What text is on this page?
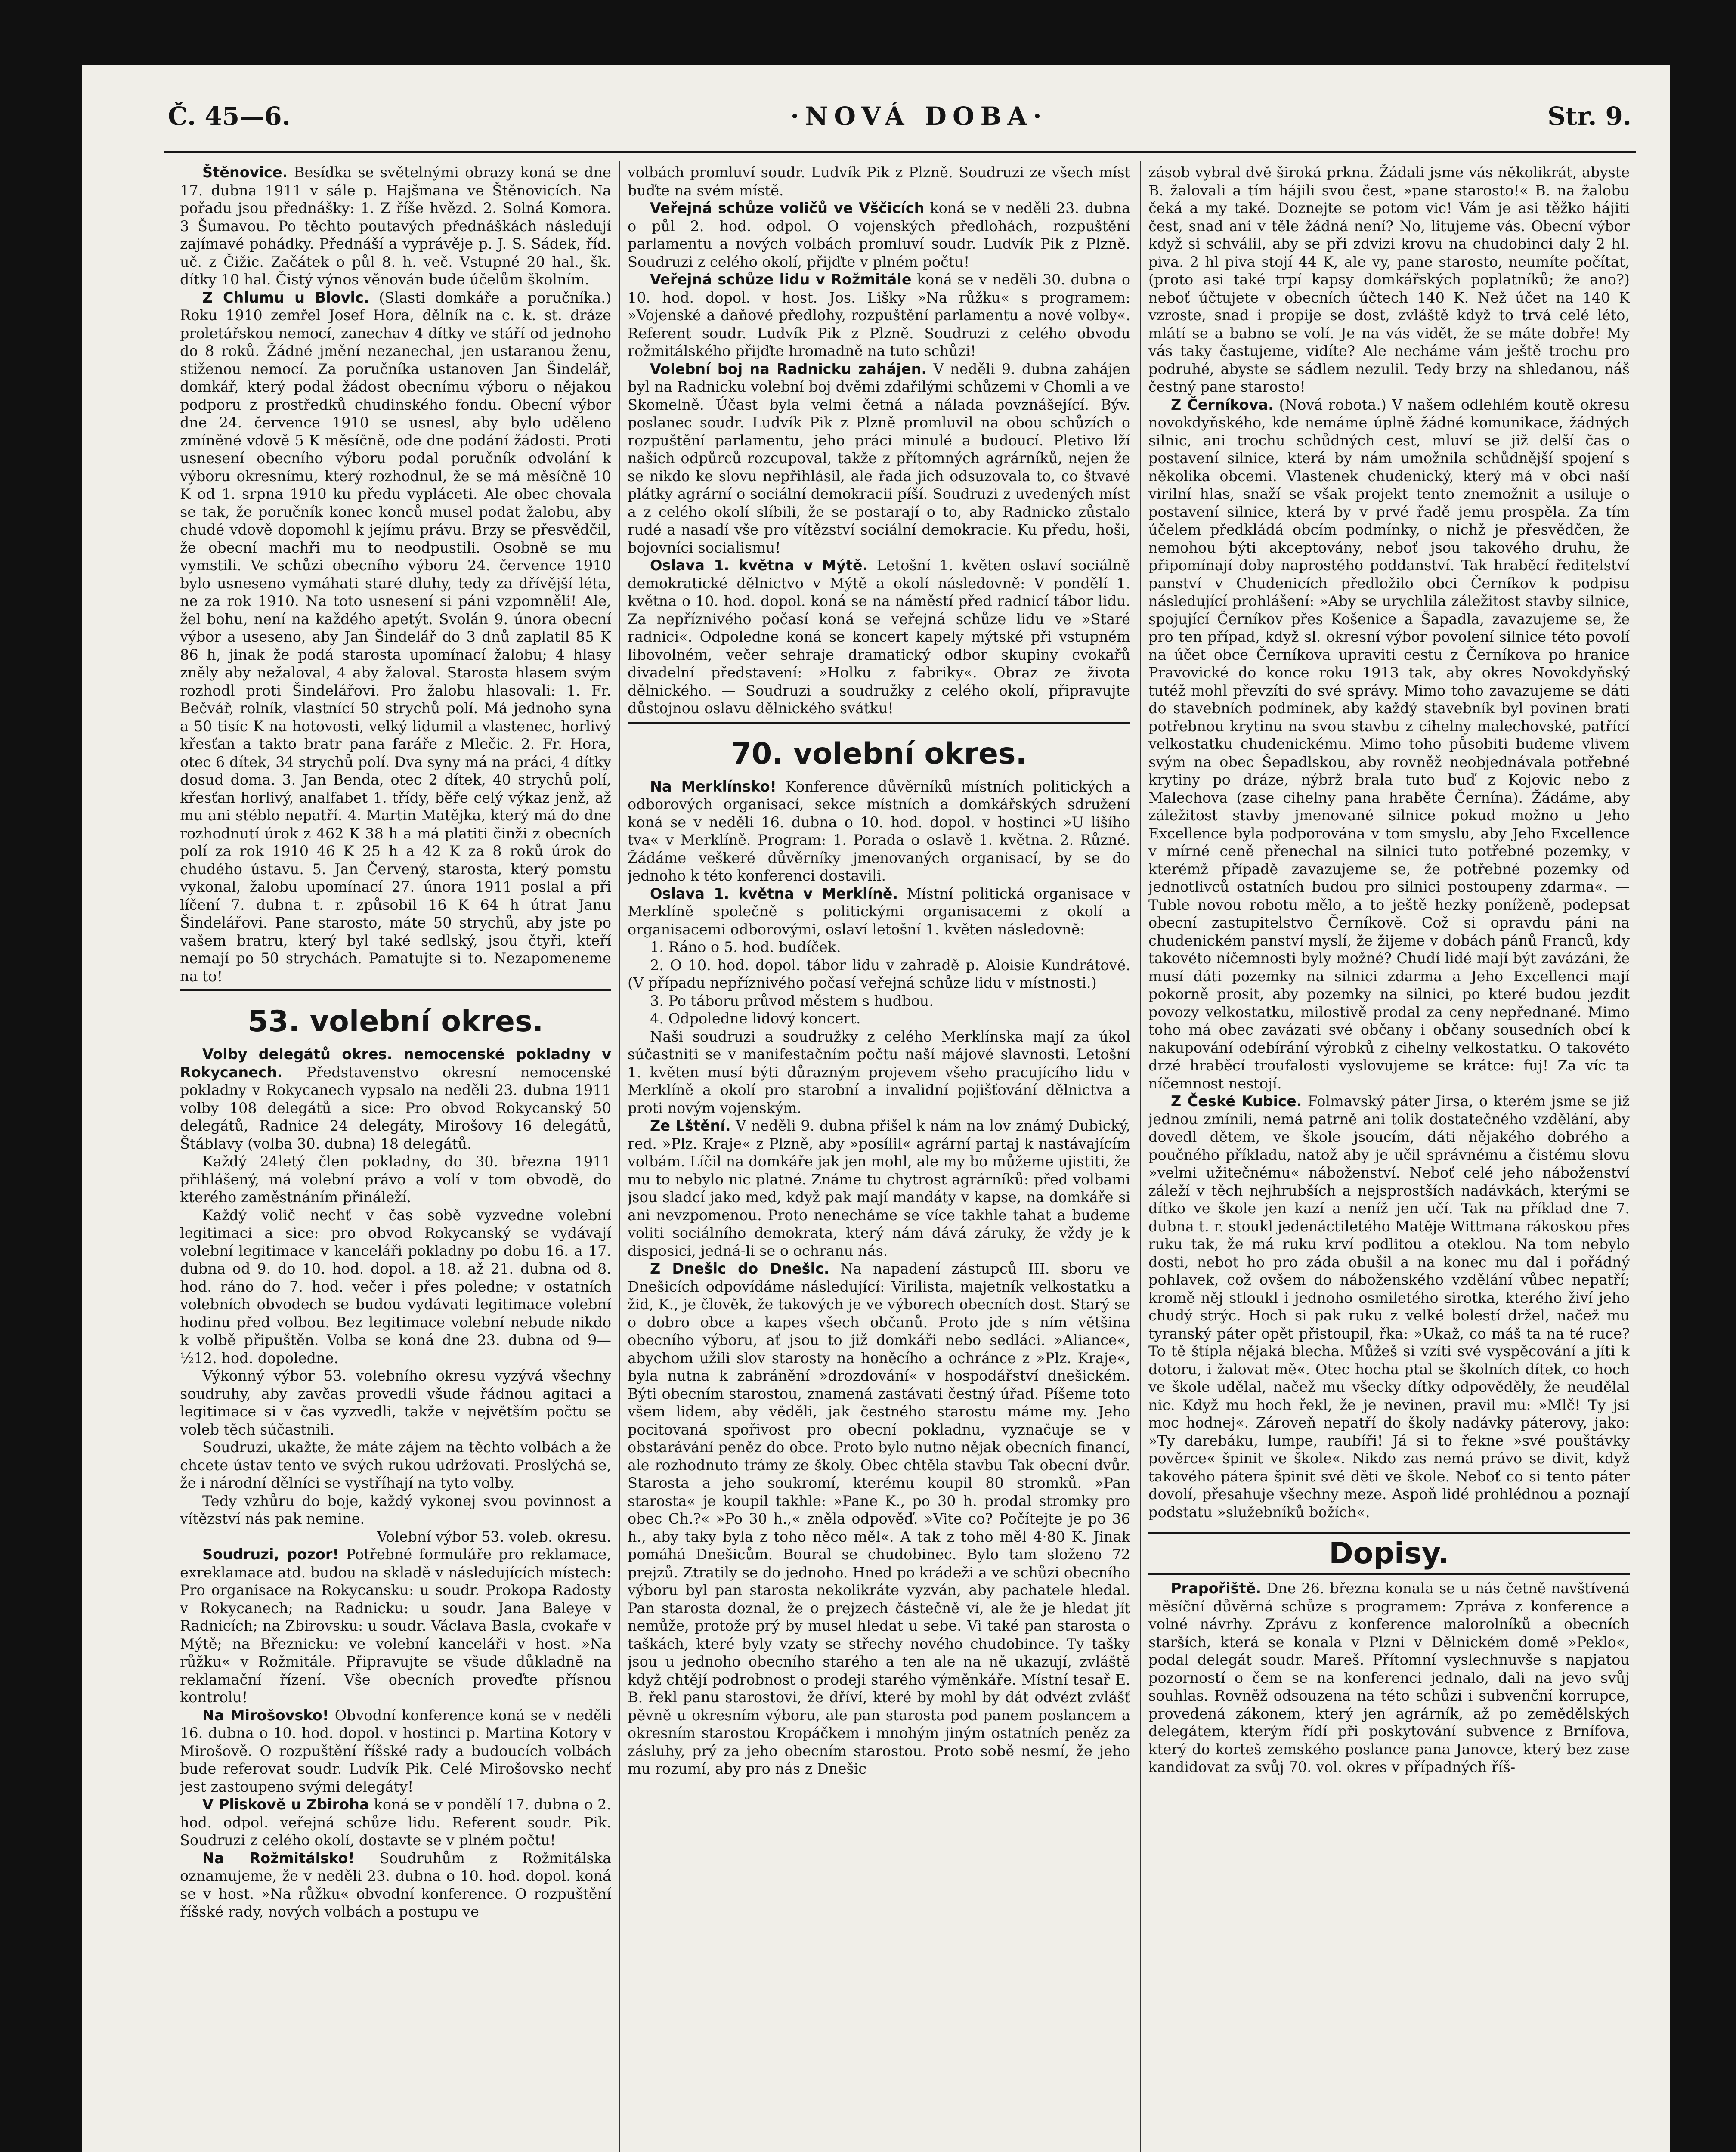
Č. 45—6.	·NOVÁ DOBA·	Str. 9.

Štěnovice. Besídka se světelnými obrazy koná se dne 17. dubna 1911 v sále p. Hajšmana ve Štěnovicích. Na pořadu jsou přednášky: 1. Z říše hvězd. 2. Solná Komora. 3 Šumavou. Po těchto poutavých přednáškách následují zajímavé pohádky. Přednáší a vyprávěje p. J. S. Sádek, říd. uč. z Čižic. Začátek o půl 8. h. več. Vstupné 20 hal., šk. dítky 10 hal. Čistý výnos věnován bude účelům školním.

Z Chlumu u Blovic. (Slasti domkáře a poručníka.) Roku 1910 zemřel Josef Hora, dělník na c. k. st. dráze proletářskou nemocí, zanechav 4 dítky ve stáří od jednoho do 8 roků. Žádné jmění nezanechal, jen ustaranou ženu, stiženou nemocí. Za poručníka ustanoven Jan Šindelář, domkář, který podal žádost obecnímu výboru o nějakou podporu z prostředků chudinského fondu. Obecní výbor dne 24. července 1910 se usnesl, aby bylo uděleno zmíněné vdově 5 K měsíčně, ode dne podání žádosti. Proti usnesení obecního výboru podal poručník odvolání k výboru okresnímu, který rozhodnul, že se má měsíčně 10 K od 1. srpna 1910 ku předu vypláceti. Ale obec chovala se tak, že poručník konec konců musel podat žalobu, aby chudé vdově dopomohl k jejímu právu. Brzy se přesvědčil, že obecní machři mu to neodpustili. Osobně se mu vymstili. Ve schůzi obecního výboru 24. července 1910 bylo usneseno vymáhati staré dluhy, tedy za dřívější léta, ne za rok 1910. Na toto usnesení si páni vzpomněli! Ale, žel bohu, není na každého apetýt. Svolán 9. února obecní výbor a useseno, aby Jan Šindelář do 3 dnů zaplatil 85 K 86 h, jinak že podá starosta upomínací žalobu; 4 hlasy zněly aby nežaloval, 4 aby žaloval. Starosta hlasem svým rozhodl proti Šindelářovi. Pro žalobu hlasovali: 1. Fr. Bečvář, rolník, vlastnící 50 strychů polí. Má jednoho syna a 50 tisíc K na hotovosti, velký lidumil a vlastenec, horlivý křesťan a takto bratr pana faráře z Mlečic. 2. Fr. Hora, otec 6 dítek, 34 strychů polí. Dva syny má na práci, 4 dítky dosud doma. 3. Jan Benda, otec 2 dítek, 40 strychů polí, křesťan horlivý, analfabet 1. třídy, běře celý výkaz jenž, až mu ani stéblo nepatří. 4. Martin Matějka, který má do dne rozhodnutí úrok z 462 K 38 h a má platiti činži z obecních polí za rok 1910 46 K 25 h a 42 K za 8 roků úrok do chudého ústavu. 5. Jan Červený, starosta, který pomstu vykonal, žalobu upomínací 27. února 1911 poslal a při líčení 7. dubna t. r. způsobil 16 K 64 h útrat Janu Šindelářovi. Pane starosto, máte 50 strychů, aby jste po vašem bratru, který byl také sedlský, jsou čtyři, kteří nemají po 50 strychách. Pamatujte si to. Nezapomeneme na to!

53. volební okres.

Volby delegátů okres. nemocenské pokladny v Rokycanech. Představenstvo okresní nemocenské pokladny v Rokycanech vypsalo na neděli 23. dubna 1911 volby 108 delegátů a sice: Pro obvod Rokycanský 50 delegátů, Radnice 24 delegáty, Mirošovy 16 delegátů, Štáblavy (volba 30. dubna) 18 delegátů.

Každý 24letý člen pokladny, do 30. března 1911 přihlášený, má volební právo a volí v tom obvodě, do kterého zaměstnáním přináleží.

Každý volič nechť v čas sobě vyzvedne volební legitimaci a sice: pro obvod Rokycanský se vydávají volební legitimace v kanceláři pokladny po dobu 16. a 17. dubna od 9. do 10. hod. dopol. a 18. až 21. dubna od 8. hod. ráno do 7. hod. večer i přes poledne; v ostatních volebních obvodech se budou vydávati legitimace volební hodinu před volbou. Bez legitimace volební nebude nikdo k volbě připuštěn. Volba se koná dne 23. dubna od 9—½12. hod. dopoledne.

Výkonný výbor 53. volebního okresu vyzývá všechny soudruhy, aby zavčas provedli všude řádnou agitaci a legitimace si v čas vyzvedli, takže v největším počtu se voleb těch súčastnili.

Soudruzi, ukažte, že máte zájem na těchto volbách a že chcete ústav tento ve svých rukou udržovati. Proslýchá se, že i národní dělníci se vystříhají na tyto volby.

Tedy vzhůru do boje, každý vykonej svou povinnost a vítězství nás pak nemine.

Volební výbor 53. voleb. okresu.

Soudruzi, pozor! Potřebné formuláře pro reklamace, exreklamace atd. budou na skladě v následujících místech: Pro organisace na Rokycansku: u soudr. Prokopa Radosty v Rokycanech; na Radnicku: u soudr. Jana Baleye v Radnicích; na Zbirovsku: u soudr. Václava Basla, cvokaře v Mýtě; na Březnicku: ve volební kanceláři v host. »Na růžku« v Rožmitále. Připravujte se všude důkladně na reklamační řízení. Vše obecních proveďte přísnou kontrolu!

Na Mirošovsko! Obvodní konference koná se v neděli 16. dubna o 10. hod. dopol. v hostinci p. Martina Kotory v Mirošově. O rozpuštění říšské rady a budoucích volbách bude referovat soudr. Ludvík Pik. Celé Mirošovsko nechť jest zastoupeno svými delegáty!

V Pliskově u Zbiroha koná se v pondělí 17. dubna o 2. hod. odpol. veřejná schůze lidu. Referent soudr. Pik. Soudruzi z celého okolí, dostavte se v plném počtu!

Na Rožmitálsko! Soudruhům z Rožmitálska oznamujeme, že v neděli 23. dubna o 10. hod. dopol. koná se v host. »Na růžku« obvodní konference. O rozpuštění říšské rady, nových volbách a postupu ve

volbách promluví soudr. Ludvík Pik z Plzně. Soudruzi ze všech míst buďte na svém místě.

Veřejná schůze voličů ve Vščicích koná se v neděli 23. dubna o půl 2. hod. odpol. O vojenských předlohách, rozpuštění parlamentu a nových volbách promluví soudr. Ludvík Pik z Plzně. Soudruzi z celého okolí, přijďte v plném počtu!

Veřejná schůze lidu v Rožmitále koná se v neděli 30. dubna o 10. hod. dopol. v host. Jos. Lišky »Na růžku« s programem: »Vojenské a daňové předlohy, rozpuštění parlamentu a nové volby«. Referent soudr. Ludvík Pik z Plzně. Soudruzi z celého obvodu rožmitálského přijďte hromadně na tuto schůzi!

Volební boj na Radnicku zahájen. V neděli 9. dubna zahájen byl na Radnicku volební boj dvěmi zdařilými schůzemi v Chomli a ve Skomelně. Účast byla velmi četná a nálada povznášející. Býv. poslanec soudr. Ludvík Pik z Plzně promluvil na obou schůzích o rozpuštění parlamentu, jeho práci minulé a budoucí. Pletivo lží našich odpůrců rozcupoval, takže z přítomných agrárníků, nejen že se nikdo ke slovu nepřihlásil, ale řada jich odsuzovala to, co štvavé plátky agrární o sociální demokracii píší. Soudruzi z uvedených míst a z celého okolí slíbili, že se postarají o to, aby Radnicko zůstalo rudé a nasadí vše pro vítězství sociální demokracie. Ku předu, hoši, bojovníci socialismu!

Oslava 1. května v Mýtě. Letošní 1. květen oslaví sociálně demokratické dělnictvo v Mýtě a okolí následovně: V pondělí 1. května o 10. hod. dopol. koná se na náměstí před radnicí tábor lidu. Za nepříznivého počasí koná se veřejná schůze lidu ve »Staré radnici«. Odpoledne koná se koncert kapely mýtské při vstupném libovolném, večer sehraje dramatický odbor skupiny cvokařů divadelní představení: »Holku z fabriky«. Obraz ze života dělnického. — Soudruzi a soudružky z celého okolí, připravujte důstojnou oslavu dělnického svátku!

70. volební okres.

Na Merklínsko! Konference důvěrníků místních politických a odborových organisací, sekce místních a domkářských sdružení koná se v neděli 16. dubna o 10. hod. dopol. v hostinci »U lišího tva« v Merklíně. Program: 1. Porada o oslavě 1. května. 2. Různé. Žádáme veškeré důvěrníky jmenovaných organisací, by se do jednoho k této konferenci dostavili.

Oslava 1. května v Merklíně. Místní politická organisace v Merklíně společně s politickými organisacemi z okolí a organisacemi odborovými, oslaví letošní 1. květen následovně:

1. Ráno o 5. hod. budíček.

2. O 10. hod. dopol. tábor lidu v zahradě p. Aloisie Kundrátové. (V případu nepříznivého počasí veřejná schůze lidu v místnosti.)

3. Po táboru průvod městem s hudbou.

4. Odpoledne lidový koncert.

Naši soudruzi a soudružky z celého Merklínska mají za úkol súčastniti se v manifestačním počtu naší májové slavnosti. Letošní 1. květen musí býti důrazným projevem všeho pracujícího lidu v Merklíně a okolí pro starobní a invalidní pojišťování dělnictva a proti novým vojenským.

Ze Lštění. V neděli 9. dubna přišel k nám na lov známý Dubický, red. »Plz. Kraje« z Plzně, aby »posílil« agrární partaj k nastávajícím volbám. Líčil na domkáře jak jen mohl, ale my bo můžeme ujistiti, že mu to nebylo nic platné. Známe tu chytrost agrárníků: před volbami jsou sladcí jako med, když pak mají mandáty v kapse, na domkáře si ani nevzpomenou. Proto nenecháme se více takhle tahat a budeme voliti sociálního demokrata, který nám dává záruky, že vždy je k disposici, jedná-li se o ochranu nás.

Z Dnešic do Dnešic. Na napadení zástupců III. sboru ve Dnešicích odpovídáme následující: Virilista, majetník velkostatku a žid, K., je člověk, že takových je ve výborech obecních dost. Starý se o dobro obce a kapes všech občanů. Proto jde s ním většina obecního výboru, ať jsou to již domkáři nebo sedláci. »Aliance«, abychom užili slov starosty na honěcího a ochránce z »Plz. Kraje«, byla nutna k zabránění »drozdování« v hospodářství dnešickém. Býti obecním starostou, znamená zastávati čestný úřad. Píšeme toto všem lidem, aby věděli, jak čestného starostu máme my. Jeho pocitovaná spořivost pro obecní pokladnu, vyznačuje se v obstarávání peněz do obce. Proto bylo nutno nějak obecních financí, ale rozhodnuto trámy ze školy. Obec chtěla stavbu Tak obecní dvůr. Starosta a jeho soukromí, kterému koupil 80 stromků. »Pan starosta« je koupil takhle: »Pane K., po 30 h. prodal stromky pro obec Ch.?« »Po 30 h.,« zněla odpověď. »Vite co? Počítejte je po 36 h., aby taky byla z toho něco měl«. A tak z toho měl 4·80 K. Jinak pomáhá Dnešicům. Boural se chudobinec. Bylo tam složeno 72 prejzů. Ztratily se do jednoho. Hned po krádeži a ve schůzi obecního výboru byl pan starosta nekolikráte vyzván, aby pachatele hledal. Pan starosta doznal, že o prejzech částečně ví, ale že je hledat jít nemůže, protože prý by musel hledat u sebe. Vi také pan starosta o taškách, které byly vzaty se střechy nového chudobince. Ty tašky jsou u jednoho obecního starého a ten ale na ně ukazují, zvláště když chtějí podrobnost o prodeji starého výměnkáře. Místní tesař E. B. řekl panu starostovi, že dříví, které by mohl by dát odvézt zvlášť pěvně u okresním výboru, ale pan starosta pod panem poslancem a okresním starostou Kropáčkem i mnohým jiným ostatních peněz za zásluhy, prý za jeho obecním starostou. Proto sobě nesmí, že jeho mu rozumí, aby pro nás z Dnešic

zásob vybral dvě široká prkna. Žádali jsme vás několikrát, abyste B. žalovali a tím hájili svou čest, »pane starosto!« B. na žalobu čeká a my také. Doznejte se potom vic! Vám je asi těžko hájiti čest, snad ani v těle žádná není? No, litujeme vás. Obecní výbor když si schválil, aby se při zdvizi krovu na chudobinci daly 2 hl. piva. 2 hl piva stojí 44 K, ale vy, pane starosto, neumíte počítat, (proto asi také trpí kapsy domkářských poplatníků; že ano?) neboť účtujete v obecních účtech 140 K. Než účet na 140 K vzroste, snad i propije se dost, zvláště když to trvá celé léto, mlátí se a babno se volí. Je na vás vidět, že se máte dobře! My vás taky častujeme, vidíte? Ale necháme vám ještě trochu pro podruhé, abyste se sádlem nezulil. Tedy brzy na shledanou, náš čestný pane starosto!

Z Černíkova. (Nová robota.) V našem odlehlém koutě okresu novokdyňského, kde nemáme úplně žádné komunikace, žádných silnic, ani trochu schůdných cest, mluví se již delší čas o postavení silnice, která by nám umožnila schůdnější spojení s několika obcemi. Vlastenek chudenický, který má v obci naší virilní hlas, snaží se však projekt tento znemožnit a usiluje o postavení silnice, která by v prvé řadě jemu prospěla. Za tím účelem předkládá obcím podmínky, o nichž je přesvědčen, že nemohou býti akceptovány, neboť jsou takového druhu, že připomínají doby naprostého poddanství. Tak hraběcí ředitelství panství v Chudenicích předložilo obci Černíkov k podpisu následující prohlášení: »Aby se urychlila záležitost stavby silnice, spojující Černíkov přes Košenice a Šapadla, zavazujeme se, že pro ten případ, když sl. okresní výbor povolení silnice této povolí na účet obce Černíkova upraviti cestu z Černíkova po hranice Pravovické do konce roku 1913 tak, aby okres Novokdyňský tutéž mohl převzíti do své správy. Mimo toho zavazujeme se dáti do stavebních podmínek, aby každý stavebník byl povinen brati potřebnou krytinu na svou stavbu z cihelny malechovské, patřící velkostatku chudenickému. Mimo toho působiti budeme vlivem svým na obec Šepadlskou, aby rovněž neobjednávala potřebné krytiny po dráze, nýbrž brala tuto buď z Kojovic nebo z Malechova (zase cihelny pana hraběte Černína). Žádáme, aby záležitost stavby jmenované silnice pokud možno u Jeho Excellence byla podporována v tom smyslu, aby Jeho Excellence v mírné ceně přenechal na silnici tuto potřebné pozemky, v kterémž případě zavazujeme se, že potřebné pozemky od jednotlivců ostatních budou pro silnici postoupeny zdarma«. — Tuble novou robotu mělo, a to ještě hezky poníženě, podepsat obecní zastupitelstvo Černíkově. Což si opravdu páni na chudenickém panství myslí, že žijeme v dobách pánů Franců, kdy takovéto níčemnosti byly možné? Chudí lidé mají být zavázáni, že musí dáti pozemky na silnici zdarma a Jeho Excellenci mají pokorně prosit, aby pozemky na silnici, po které budou jezdit povozy velkostatku, milostivě prodal za ceny nepřednané. Mimo toho má obec zavázati své občany i občany sousedních obcí k nakupování odebírání výrobků z cihelny velkostatku. O takovéto drzé hraběcí troufalosti vyslovujeme se krátce: fuj! Za víc ta níčemnost nestojí.

Z České Kubice. Folmavský páter Jirsa, o kterém jsme se již jednou zmínili, nemá patrně ani tolik dostatečného vzdělání, aby dovedl dětem, ve škole jsoucím, dáti nějakého dobrého a poučného příkladu, natož aby je učil správnému a čistému slovu »velmi užitečnému« náboženství. Neboť celé jeho náboženství záleží v těch nejhrubších a nejsprostších nadávkách, kterými se dítko ve škole jen kazí a neníž jen učí. Tak na příklad dne 7. dubna t. r. stoukl jedenáctiletého Matěje Wittmana rákoskou přes ruku tak, že má ruku krví podlitou a oteklou. Na tom nebylo dosti, nebot ho pro záda obušil a na konec mu dal i pořádný pohlavek, což ovšem do náboženského vzdělání vůbec nepatří; kromě něj stloukl i jednoho osmiletého sirotka, kterého živí jeho chudý strýc. Hoch si pak ruku z velké bolestí držel, načež mu tyranský páter opět přistoupil, řka: »Ukaž, co máš ta na té ruce? To tě štípla nějaká blecha. Můžeš si vzíti své vyspěcování a jíti k dotoru, i žalovat mě«. Otec hocha ptal se školních dítek, co hoch ve škole udělal, načež mu všecky dítky odpověděly, že neudělal nic. Když mu hoch řekl, že je nevinen, pravil mu: »Mlč! Ty jsi moc hodnej«. Zároveň nepatří do školy nadávky páterovy, jako: »Ty darebáku, lumpe, raubíři! Já si to řekne »své pouštávky pověrce« špinit ve škole«. Nikdo zas nemá právo se divit, když takového pátera špinit své děti ve škole. Neboť co si tento páter dovolí, přesahuje všechny meze. Aspoň lidé prohlédnou a poznají podstatu »služebníků božích«.

Dopisy.

Prapořiště. Dne 26. března konala se u nás četně navštívená měsíční důvěrná schůze s programem: Zpráva z konference a volné návrhy. Zprávu z konference malorolníků a obecních starších, která se konala v Plzni v Dělnickém domě »Peklo«, podal delegát soudr. Mareš. Přítomní vyslechnuvše s napjatou pozorností o čem se na konferenci jednalo, dali na jevo svůj souhlas. Rovněž odsouzena na této schůzi i subvenční korrupce, provedená zákonem, který jen agrárník, až po zemědělských delegátem, kterým řídí při poskytování subvence z Brnífova, který do korteš zemského poslance pana Janovce, který bez zase kandidovat za svůj 70. vol. okres v případných říš-
